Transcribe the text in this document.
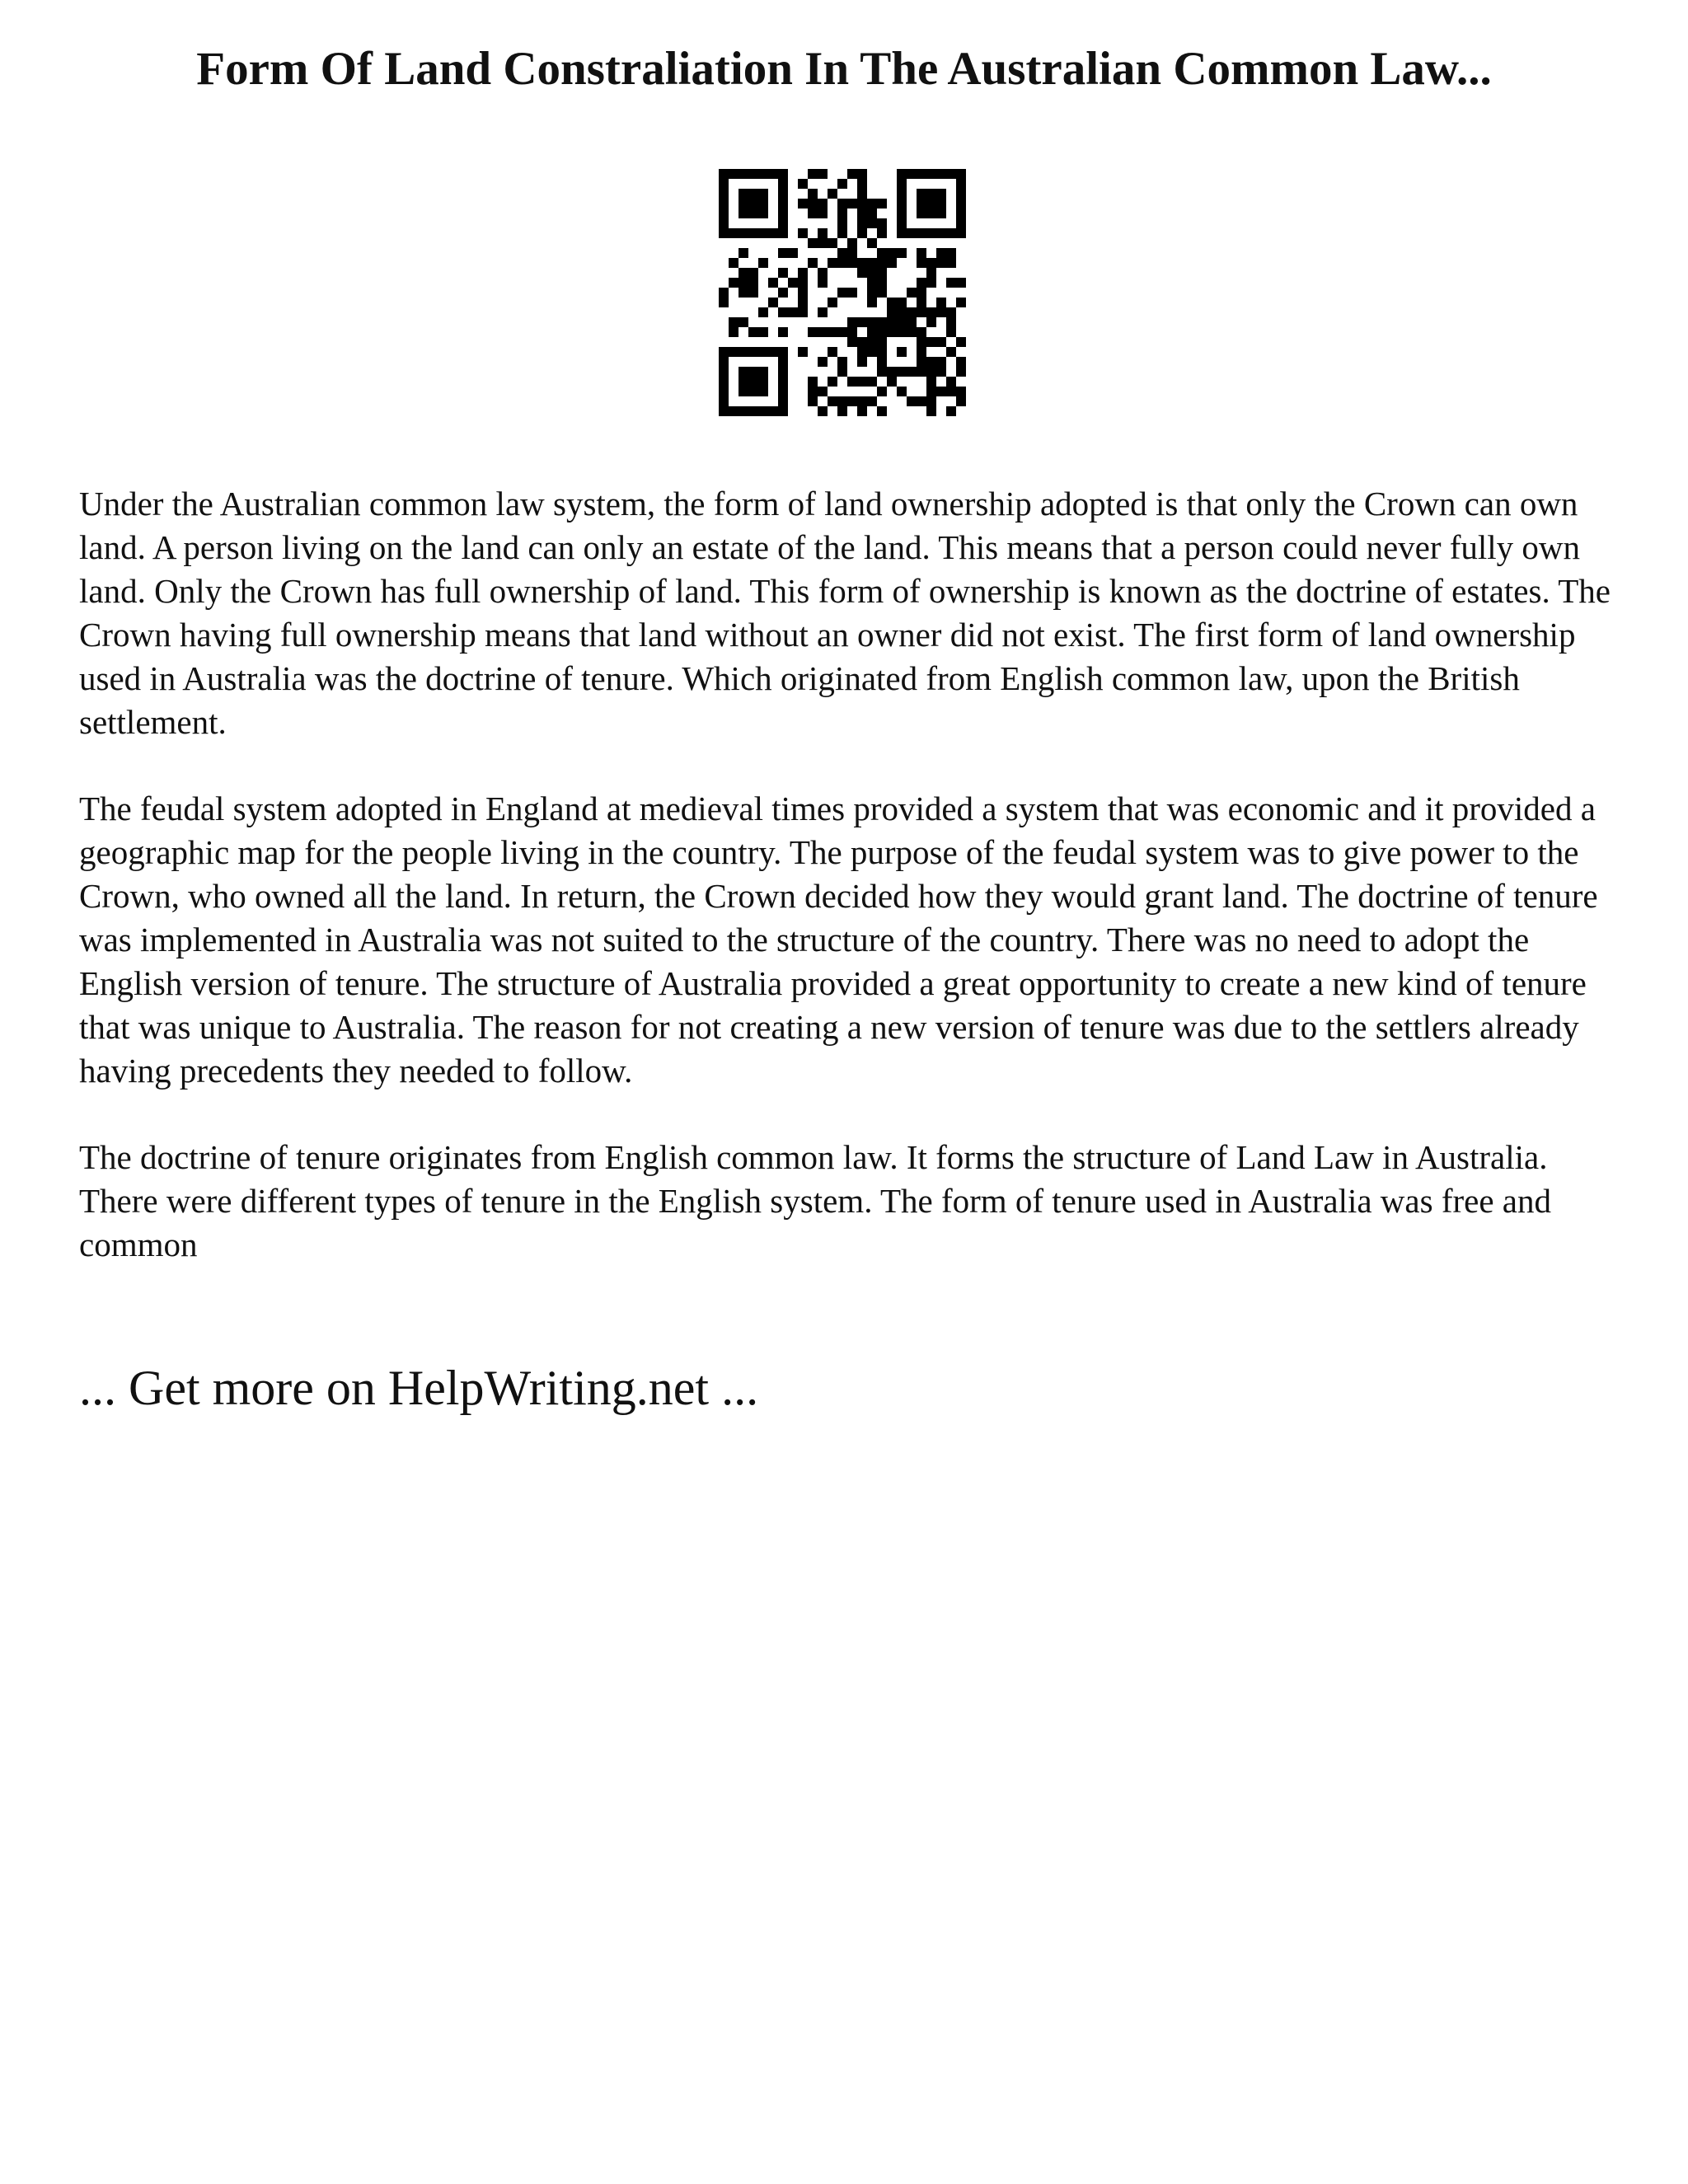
Form Of Land Constraliation In The Australian Common Law...

Under the Australian common law system, the form of land ownership adopted is that only the Crown can own land. A person living on the land can only an estate of the land. This means that a person could never fully own land. Only the Crown has full ownership of land. This form of ownership is known as the doctrine of estates. The Crown having full ownership means that land without an owner did not exist. The first form of land ownership used in Australia was the doctrine of tenure. Which originated from English common law, upon the British settlement.

The feudal system adopted in England at medieval times provided a system that was economic and it provided a geographic map for the people living in the country. The purpose of the feudal system was to give power to the Crown, who owned all the land. In return, the Crown decided how they would grant land. The doctrine of tenure was implemented in Australia was not suited to the structure of the country. There was no need to adopt the English version of tenure. The structure of Australia provided a great opportunity to create a new kind of tenure that was unique to Australia. The reason for not creating a new version of tenure was due to the settlers already having precedents they needed to follow.

The doctrine of tenure originates from English common law. It forms the structure of Land Law in Australia. There were different types of tenure in the English system. The form of tenure used in Australia was free and common

... Get more on HelpWriting.net ...
